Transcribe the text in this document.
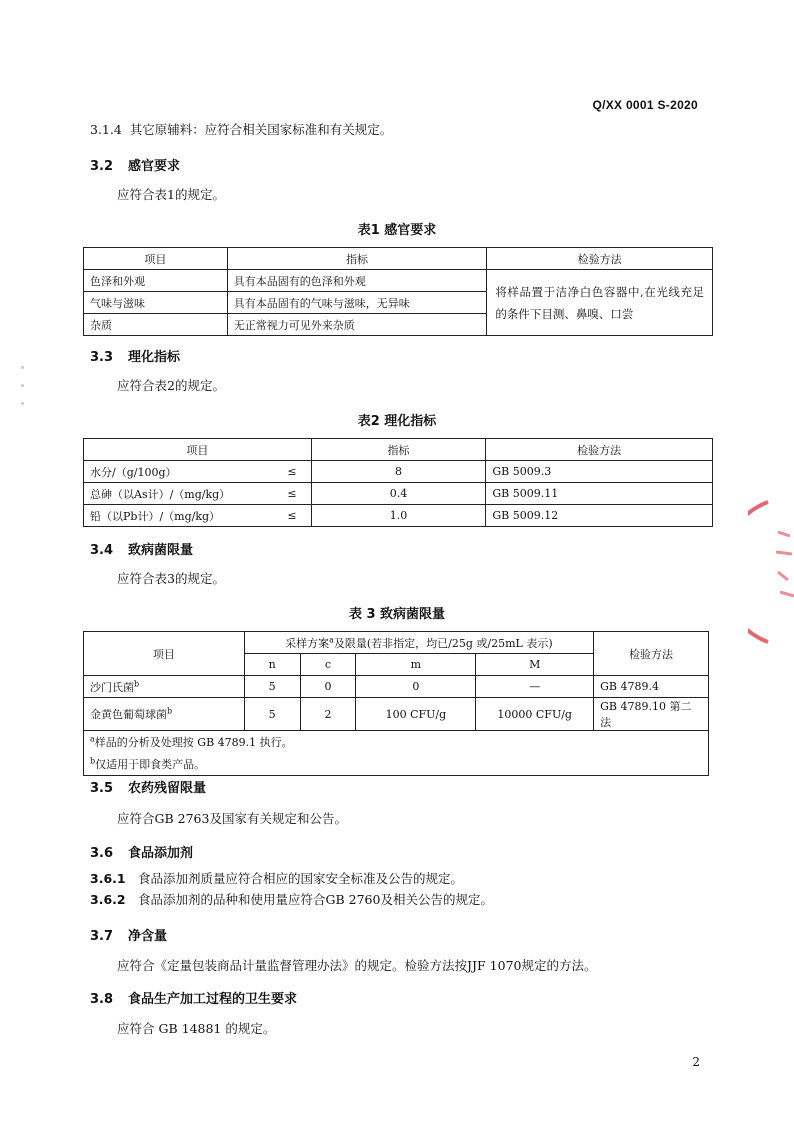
Q/XX 0001 S-2020
3.1.4 其它原辅料：应符合相关国家标准和有关规定。
3.2 感官要求
应符合表1的规定。
表1 感官要求
项目	指标	检验方法
色泽和外观	具有本品固有的色泽和外观	将样品置于洁净白色容器中,在光线充足的条件下目测、鼻嗅、口尝
气味与滋味	具有本品固有的气味与滋味，无异味	
杂质	无正常视力可见外来杂质	
3.3 理化指标
应符合表2的规定。
表2 理化指标
项目		指标	检验方法
水分/（g/100g）	≤	8	GB 5009.3
总砷（以As计）/（mg/kg）	≤	0.4	GB 5009.11
铅（以Pb计）/（mg/kg）	≤	1.0	GB 5009.12
3.4 致病菌限量
应符合表3的规定。
表 3 致病菌限量
项目	采样方案$^a$及限量(若非指定，均已/25g 或/25mL 表示)				检验方法
	n	c	m	M	
沙门氏菌$^b$	5	0	0	—	GB 4789.4
金黄色葡萄球菌$^b$	5	2	100 CFU/g	10000 CFU/g	GB 4789.10 第二法
$^a$样品的分析及处理按 GB 4789.1 执行。					
$^b$仅适用于即食类产品。					
3.5 农药残留限量
应符合GB 2763及国家有关规定和公告。
3.6 食品添加剂
3.6.1 食品添加剂质量应符合相应的国家安全标准及公告的规定。
3.6.2 食品添加剂的品种和使用量应符合GB 2760及相关公告的规定。
3.7 净含量
应符合《定量包装商品计量监督管理办法》的规定。检验方法按JJF 1070规定的方法。
3.8 食品生产加工过程的卫生要求
应符合 GB 14881 的规定。
2
